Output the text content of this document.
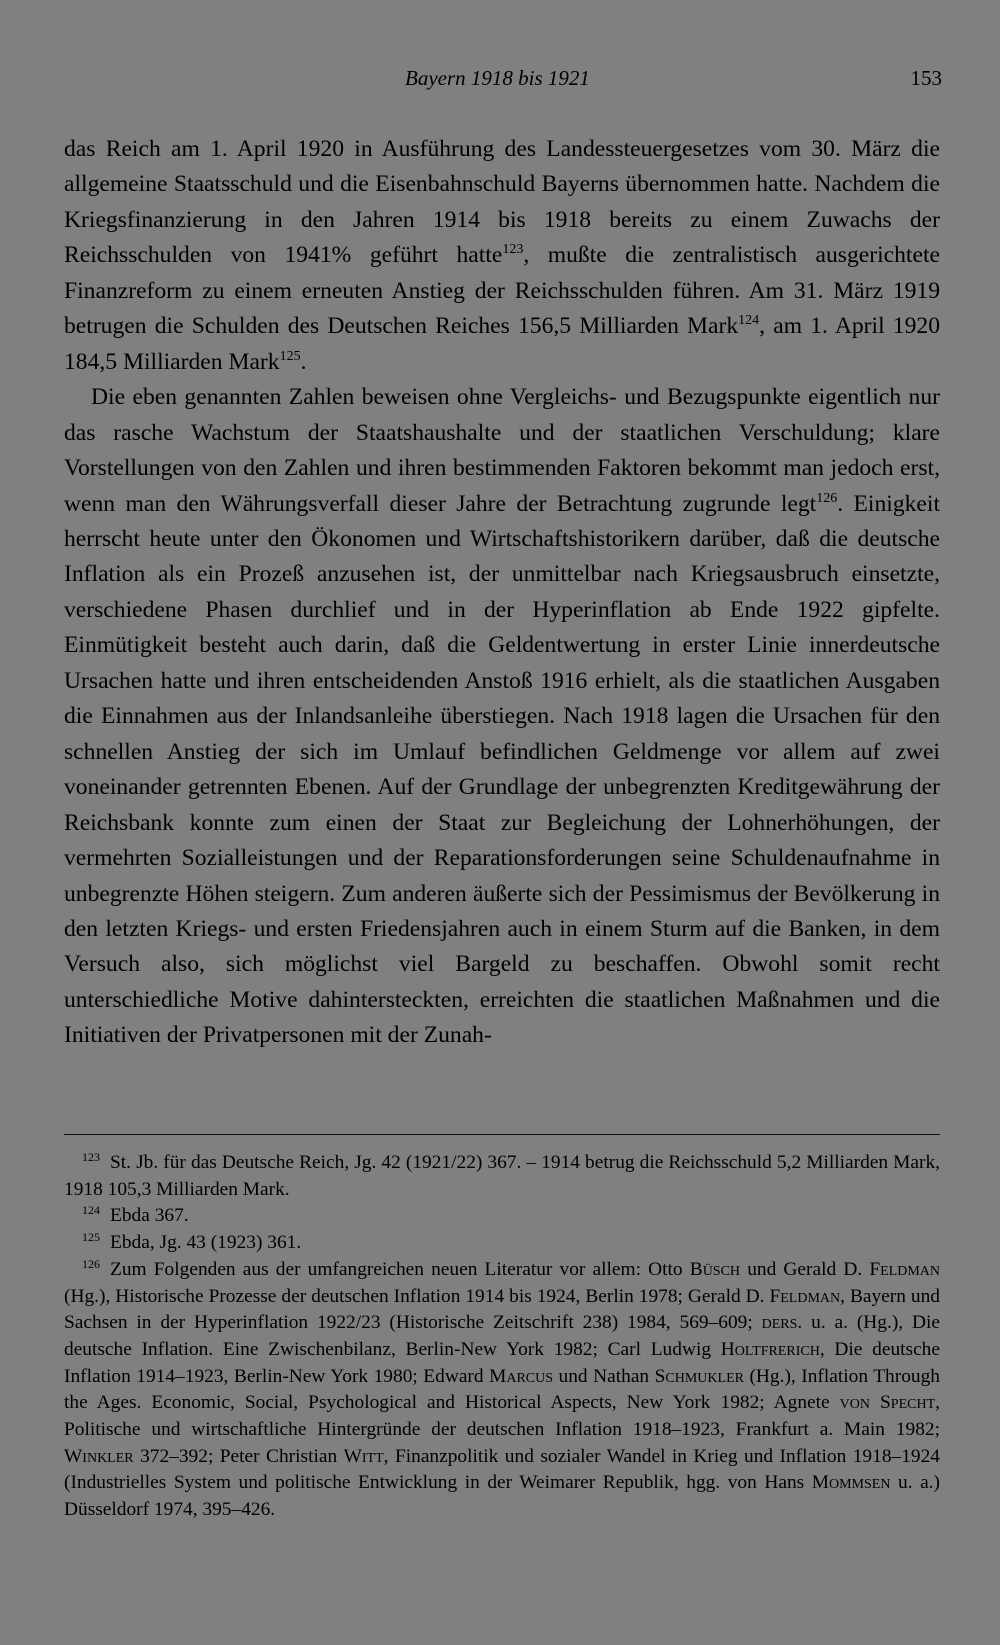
Bayern 1918 bis 1921	153

das Reich am 1. April 1920 in Ausführung des Landessteuergesetzes vom 30. März die allgemeine Staatsschuld und die Eisenbahnschuld Bayerns übernommen hatte. Nachdem die Kriegsfinanzierung in den Jahren 1914 bis 1918 bereits zu einem Zuwachs der Reichsschulden von 1941% geführt hatte$^{123}$, mußte die zentralistisch ausgerichtete Finanzreform zu einem erneuten Anstieg der Reichsschulden führen. Am 31. März 1919 betrugen die Schulden des Deutschen Reiches 156,5 Milliarden Mark$^{124}$, am 1. April 1920 184,5 Milliarden Mark$^{125}$.

Die eben genannten Zahlen beweisen ohne Vergleichs- und Bezugspunkte eigentlich nur das rasche Wachstum der Staatshaushalte und der staatlichen Verschuldung; klare Vorstellungen von den Zahlen und ihren bestimmenden Faktoren bekommt man jedoch erst, wenn man den Währungsverfall dieser Jahre der Betrachtung zugrunde legt$^{126}$. Einigkeit herrscht heute unter den Ökonomen und Wirtschaftshistorikern darüber, daß die deutsche Inflation als ein Prozeß anzusehen ist, der unmittelbar nach Kriegsausbruch einsetzte, verschiedene Phasen durchlief und in der Hyperinflation ab Ende 1922 gipfelte. Einmütigkeit besteht auch darin, daß die Geldentwertung in erster Linie innerdeutsche Ursachen hatte und ihren entscheidenden Anstoß 1916 erhielt, als die staatlichen Ausgaben die Einnahmen aus der Inlandsanleihe überstiegen. Nach 1918 lagen die Ursachen für den schnellen Anstieg der sich im Umlauf befindlichen Geldmenge vor allem auf zwei voneinander getrennten Ebenen. Auf der Grundlage der unbegrenzten Kreditgewährung der Reichsbank konnte zum einen der Staat zur Begleichung der Lohnerhöhungen, der vermehrten Sozialleistungen und der Reparationsforderungen seine Schuldenaufnahme in unbegrenzte Höhen steigern. Zum anderen äußerte sich der Pessimismus der Bevölkerung in den letzten Kriegs- und ersten Friedensjahren auch in einem Sturm auf die Banken, in dem Versuch also, sich möglichst viel Bargeld zu beschaffen. Obwohl somit recht unterschiedliche Motive dahintersteckten, erreichten die staatlichen Maßnahmen und die Initiativen der Privatpersonen mit der Zunah-

$^{123}$ St. Jb. für das Deutsche Reich, Jg. 42 (1921/22) 367. – 1914 betrug die Reichsschuld 5,2 Milliarden Mark, 1918 105,3 Milliarden Mark.

$^{124}$ Ebda 367.

$^{125}$ Ebda, Jg. 43 (1923) 361.

$^{126}$ Zum Folgenden aus der umfangreichen neuen Literatur vor allem: Otto Büsch und Gerald D. Feldman (Hg.), Historische Prozesse der deutschen Inflation 1914 bis 1924, Berlin 1978; Gerald D. Feldman, Bayern und Sachsen in der Hyperinflation 1922/23 (Historische Zeitschrift 238) 1984, 569–609; ders. u. a. (Hg.), Die deutsche Inflation. Eine Zwischenbilanz, Berlin-New York 1982; Carl Ludwig Holtfrerich, Die deutsche Inflation 1914–1923, Berlin-New York 1980; Edward Marcus und Nathan Schmukler (Hg.), Inflation Through the Ages. Economic, Social, Psychological and Historical Aspects, New York 1982; Agnete von Specht, Politische und wirtschaftliche Hintergründe der deutschen Inflation 1918–1923, Frankfurt a. Main 1982; Winkler 372–392; Peter Christian Witt, Finanzpolitik und sozialer Wandel in Krieg und Inflation 1918–1924 (Industrielles System und politische Entwicklung in der Weimarer Republik, hgg. von Hans Mommsen u. a.) Düsseldorf 1974, 395–426.
